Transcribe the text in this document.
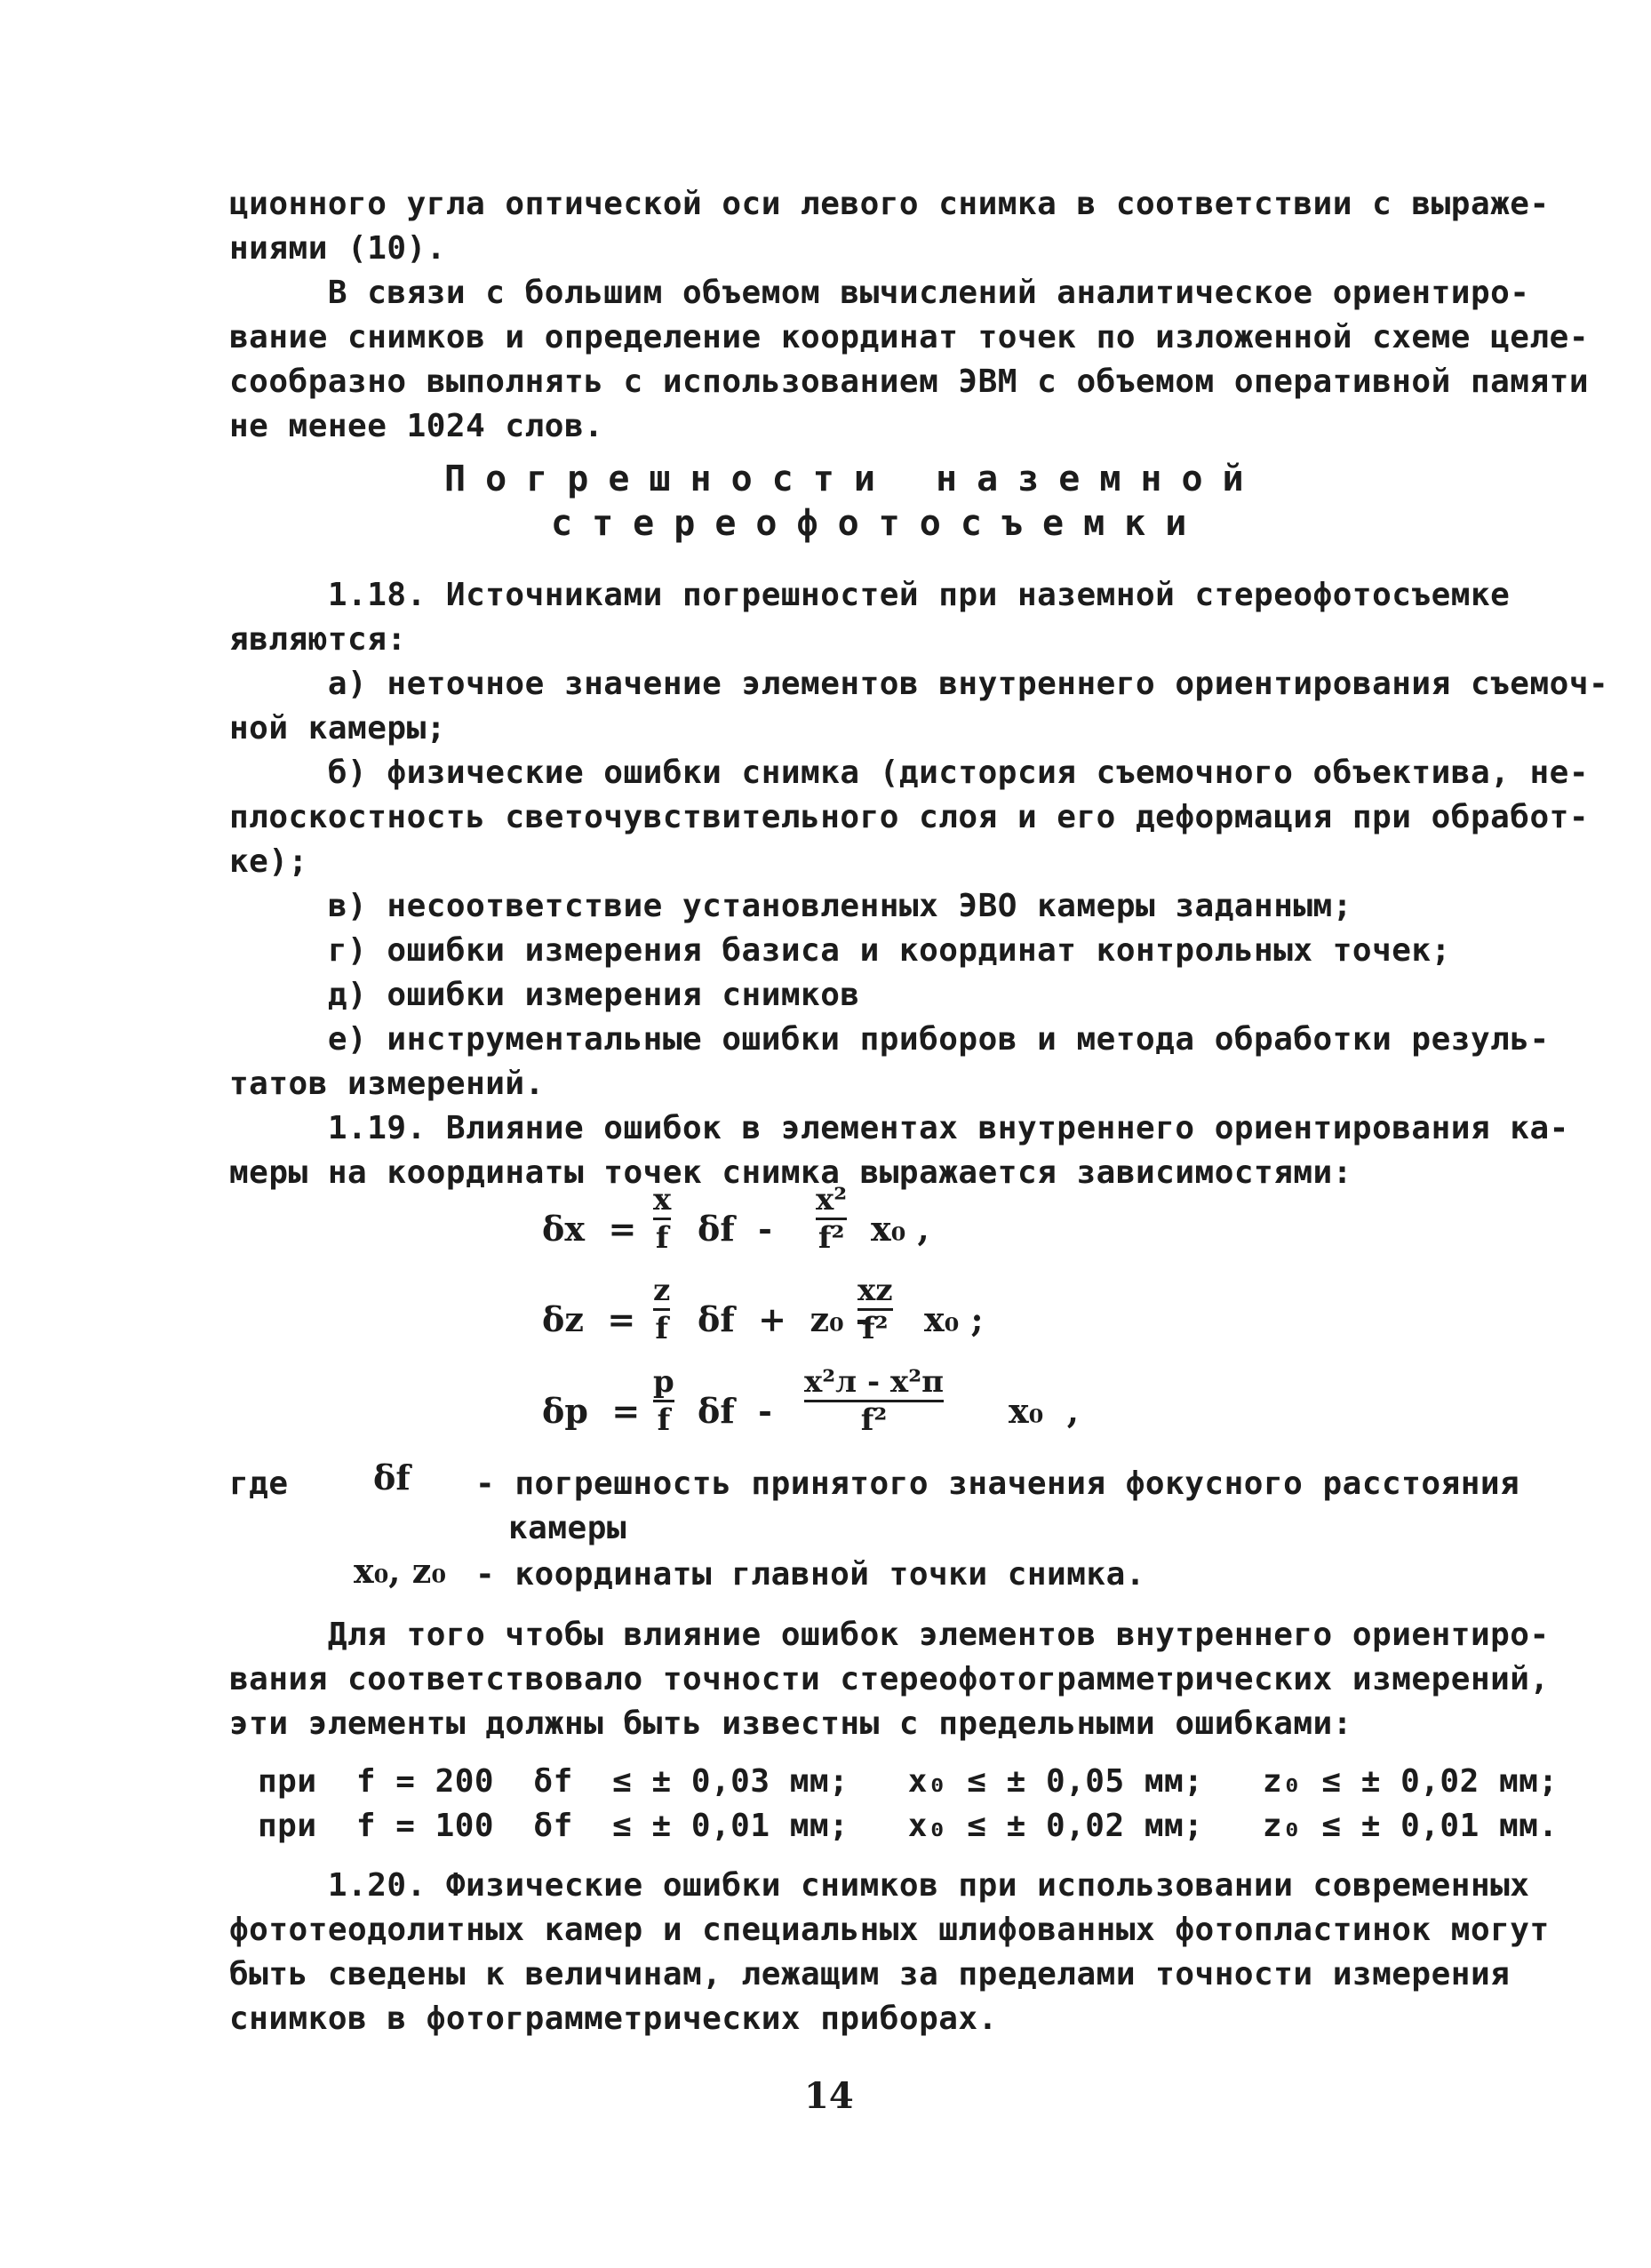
ционного угла оптической оси левого снимка в соответствии с выраже-
ниями (10).
В связи с большим объемом вычислений аналитическое ориентиро-
вание снимков и определение координат точек по изложенной схеме целе-
сообразно выполнять с использованием ЭВМ с объемом оперативной памяти
не менее 1024 слов.
Погрешности наземной
стереофотосъемки
1.18. Источниками погрешностей при наземной стереофотосъемке
являются:
а) неточное значение элементов внутреннего ориентирования съемоч-
ной камеры;
б) физические ошибки снимка (дисторсия съемочного объектива, не-
плоскостность светочувствительного слоя и его деформация при обработ-
ке);
в) несоответствие установленных ЭВО камеры заданным;
г) ошибки измерения базиса и координат контрольных точек;
д) ошибки измерения снимков
е) инструментальные ошибки приборов и метода обработки резуль-
татов измерений.
1.19. Влияние ошибок в элементах внутреннего ориентирования ка-
меры на координаты точек снимка выражается зависимостями:
δx  =
x
f δf  -
x²
f² x₀ ,
δz  =
z
f δf  +  z₀ -
xz
f² x₀ ;
δp  =
p
f δf  -
x²л - x²п
f²	x₀  ,
где	δf - погрешность принятого значения фокусного расстояния
камеры
x₀, z₀ - координаты главной точки снимка.
Для того чтобы влияние ошибок элементов внутреннего ориентиро-
вания соответствовало точности стереофотограмметрических измерений,
эти элементы должны быть известны с предельными ошибками:
при  f = 200  δf  ≤ ± 0,03 мм;   x₀ ≤ ± 0,05 мм;   z₀ ≤ ± 0,02 мм;
при  f = 100  δf  ≤ ± 0,01 мм;   x₀ ≤ ± 0,02 мм;   z₀ ≤ ± 0,01 мм.
1.20. Физические ошибки снимков при использовании современных
фототеодолитных камер и специальных шлифованных фотопластинок могут
быть сведены к величинам, лежащим за пределами точности измерения
снимков в фотограмметрических приборах.
14
